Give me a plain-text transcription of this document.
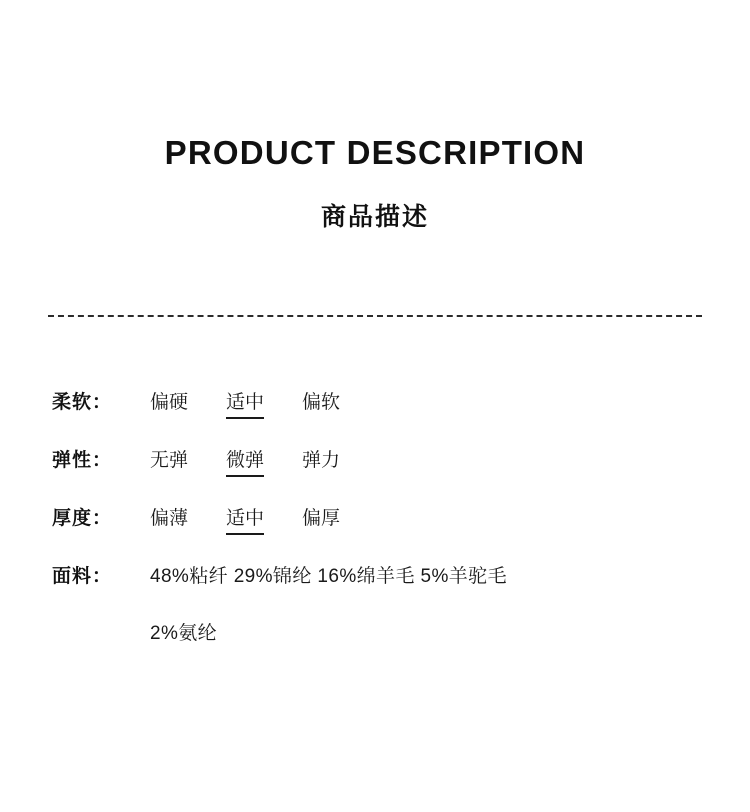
PRODUCT DESCRIPTION
商品描述
柔软：	偏硬 适中 偏软
弹性：	无弹 微弹 弹力
厚度：	偏薄 适中 偏厚
面料：	48%粘纤 29%锦纶 16%绵羊毛 5%羊驼毛
2%氨纶
